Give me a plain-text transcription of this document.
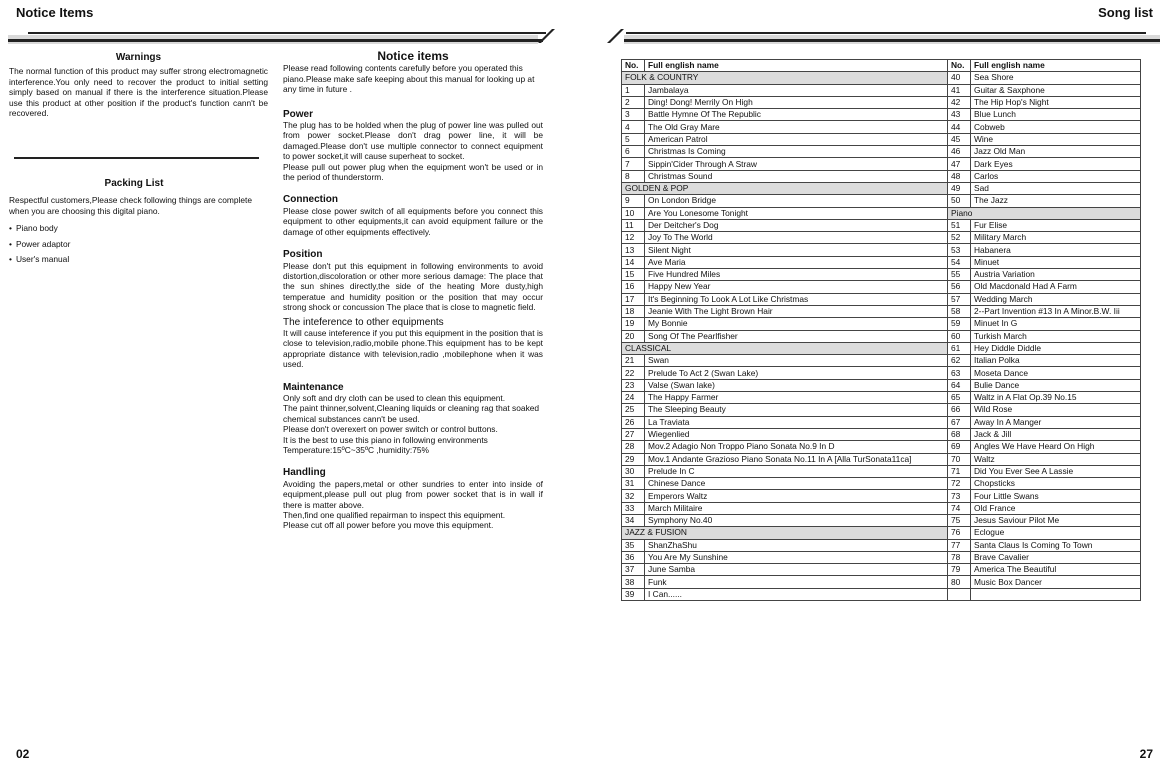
Notice Items	Song list
Warnings

The normal function of this product may suffer strong electromagnetic interference.You only need to recover the product to initial setting simply based on manual if there is the interference situation.Please use this product at other position if the product's function cann't be recovered.

Packing List

Respectful customers,Please check following things are complete when you are choosing this digital piano.

• Piano body
• Power adaptor
• User's manual
Notice items

Please read following contents carefully before you operated this piano.Please make safe keeping about this manual for looking up at any time in future .

Power

The plug has to be holded when the plug of power line was pulled out from power socket.Please don't drag power line, it will be damaged.Please don't use multiple connector to connect equipment to power socket,it will cause superheat to socket.
Please pull out power plug when the equipment won't be used or in the period of thunderstorm.

Connection

Please close power switch of all equipments before you connect this equipment to other equipments,it can avoid equipment failure or the damage of other equipments effectively.

Position

Please don't put this equipment in following environments to avoid distortion,discoloration or other more serious damage: The place that the sun shines directly,the side of the heating More dusty,high temperatue and humidity position or the position that may occur strong shock or concussion The place that is close to magnetic field.

The inteference to other equipments

It will cause inteference if you put this equipment in the position that is close to television,radio,mobile phone.This equipment has to be kept appropriate distance with television,radio ,mobilephone when it was used.

Maintenance

Only soft and dry cloth can be used to clean this equipment.
The paint thinner,solvent,Cleaning liquids or cleaning rag that soaked chemical substances cann't be used.
Please don't overexert on power switch or control buttons.
It is the best to use this piano in following environments
Temperature:15ºC~35ºC ,humidity:75%

Handling

Avoiding the papers,metal or other sundries to enter into inside of equipment,please pull out plug from power socket that is in wall if there is matter above.
Then,find one qualified repairman to inspect this equipment.
Please cut off all power before you move this equipment.

No.	Full english name	No.	Full english name
FOLK & COUNTRY		40	Sea Shore
1	Jambalaya	41	Guitar & Saxphone
2	Ding! Dong! Merrily On High	42	The Hip Hop's Night
3	Battle Hymne Of The Republic	43	Blue Lunch
4	The Old Gray Mare	44	Cobweb
5	American Patrol	45	Wine
6	Christmas Is Coming	46	Jazz Old Man
7	Sippin'Cider Through A Straw	47	Dark Eyes
8	Christmas Sound	48	Carlos
GOLDEN & POP		49	Sad
9	On London Bridge	50	The Jazz
10	Are You Lonesome Tonight	Piano	
11	Der Deitcher's Dog	51	Fur Elise
12	Joy To The World	52	Military March
13	Silent Night	53	Habanera
14	Ave Maria	54	Minuet
15	Five Hundred Miles	55	Austria Variation
16	Happy New Year	56	Old Macdonald Had A Farm
17	It's Beginning To Look A Lot Like Christmas	57	Wedding March
18	Jeanie With The Light Brown Hair	58	2--Part Invention #13 In A Minor.B.W. Iii
19	My Bonnie	59	Minuet In G
20	Song Of The Pearlfisher	60	Turkish March
CLASSICAL		61	Hey Diddle Diddle
21	Swan	62	Italian Polka
22	Prelude To Act 2 (Swan Lake)	63	Moseta Dance
23	Valse (Swan lake)	64	Bulie Dance
24	The Happy Farmer	65	Waltz in A Flat Op.39 No.15
25	The Sleeping Beauty	66	Wild Rose
26	La Traviata	67	Away In A Manger
27	Wiegenlied	68	Jack & Jill
28	Mov.2 Adagio Non Troppo Piano Sonata No.9 In D	69	Angles We Have Heard On High
29	Mov.1 Andante Grazioso Piano Sonata No.11 In A [Alla TurSonata11ca]	70	Waltz
30	Prelude In C	71	Did You Ever See A Lassie
31	Chinese Dance	72	Chopsticks
32	Emperors Waltz	73	Four Little Swans
33	March Militaire	74	Old France
34	Symphony No.40	75	Jesus Saviour Pilot Me
JAZZ & FUSION		76	Eclogue
35	ShanZhaShu	77	Santa Claus Is Coming To Town
36	You Are My Sunshine	78	Brave Cavalier
37	June Samba	79	America The Beautiful
38	Funk	80	Music Box Dancer
39	I Can......		
02	27
